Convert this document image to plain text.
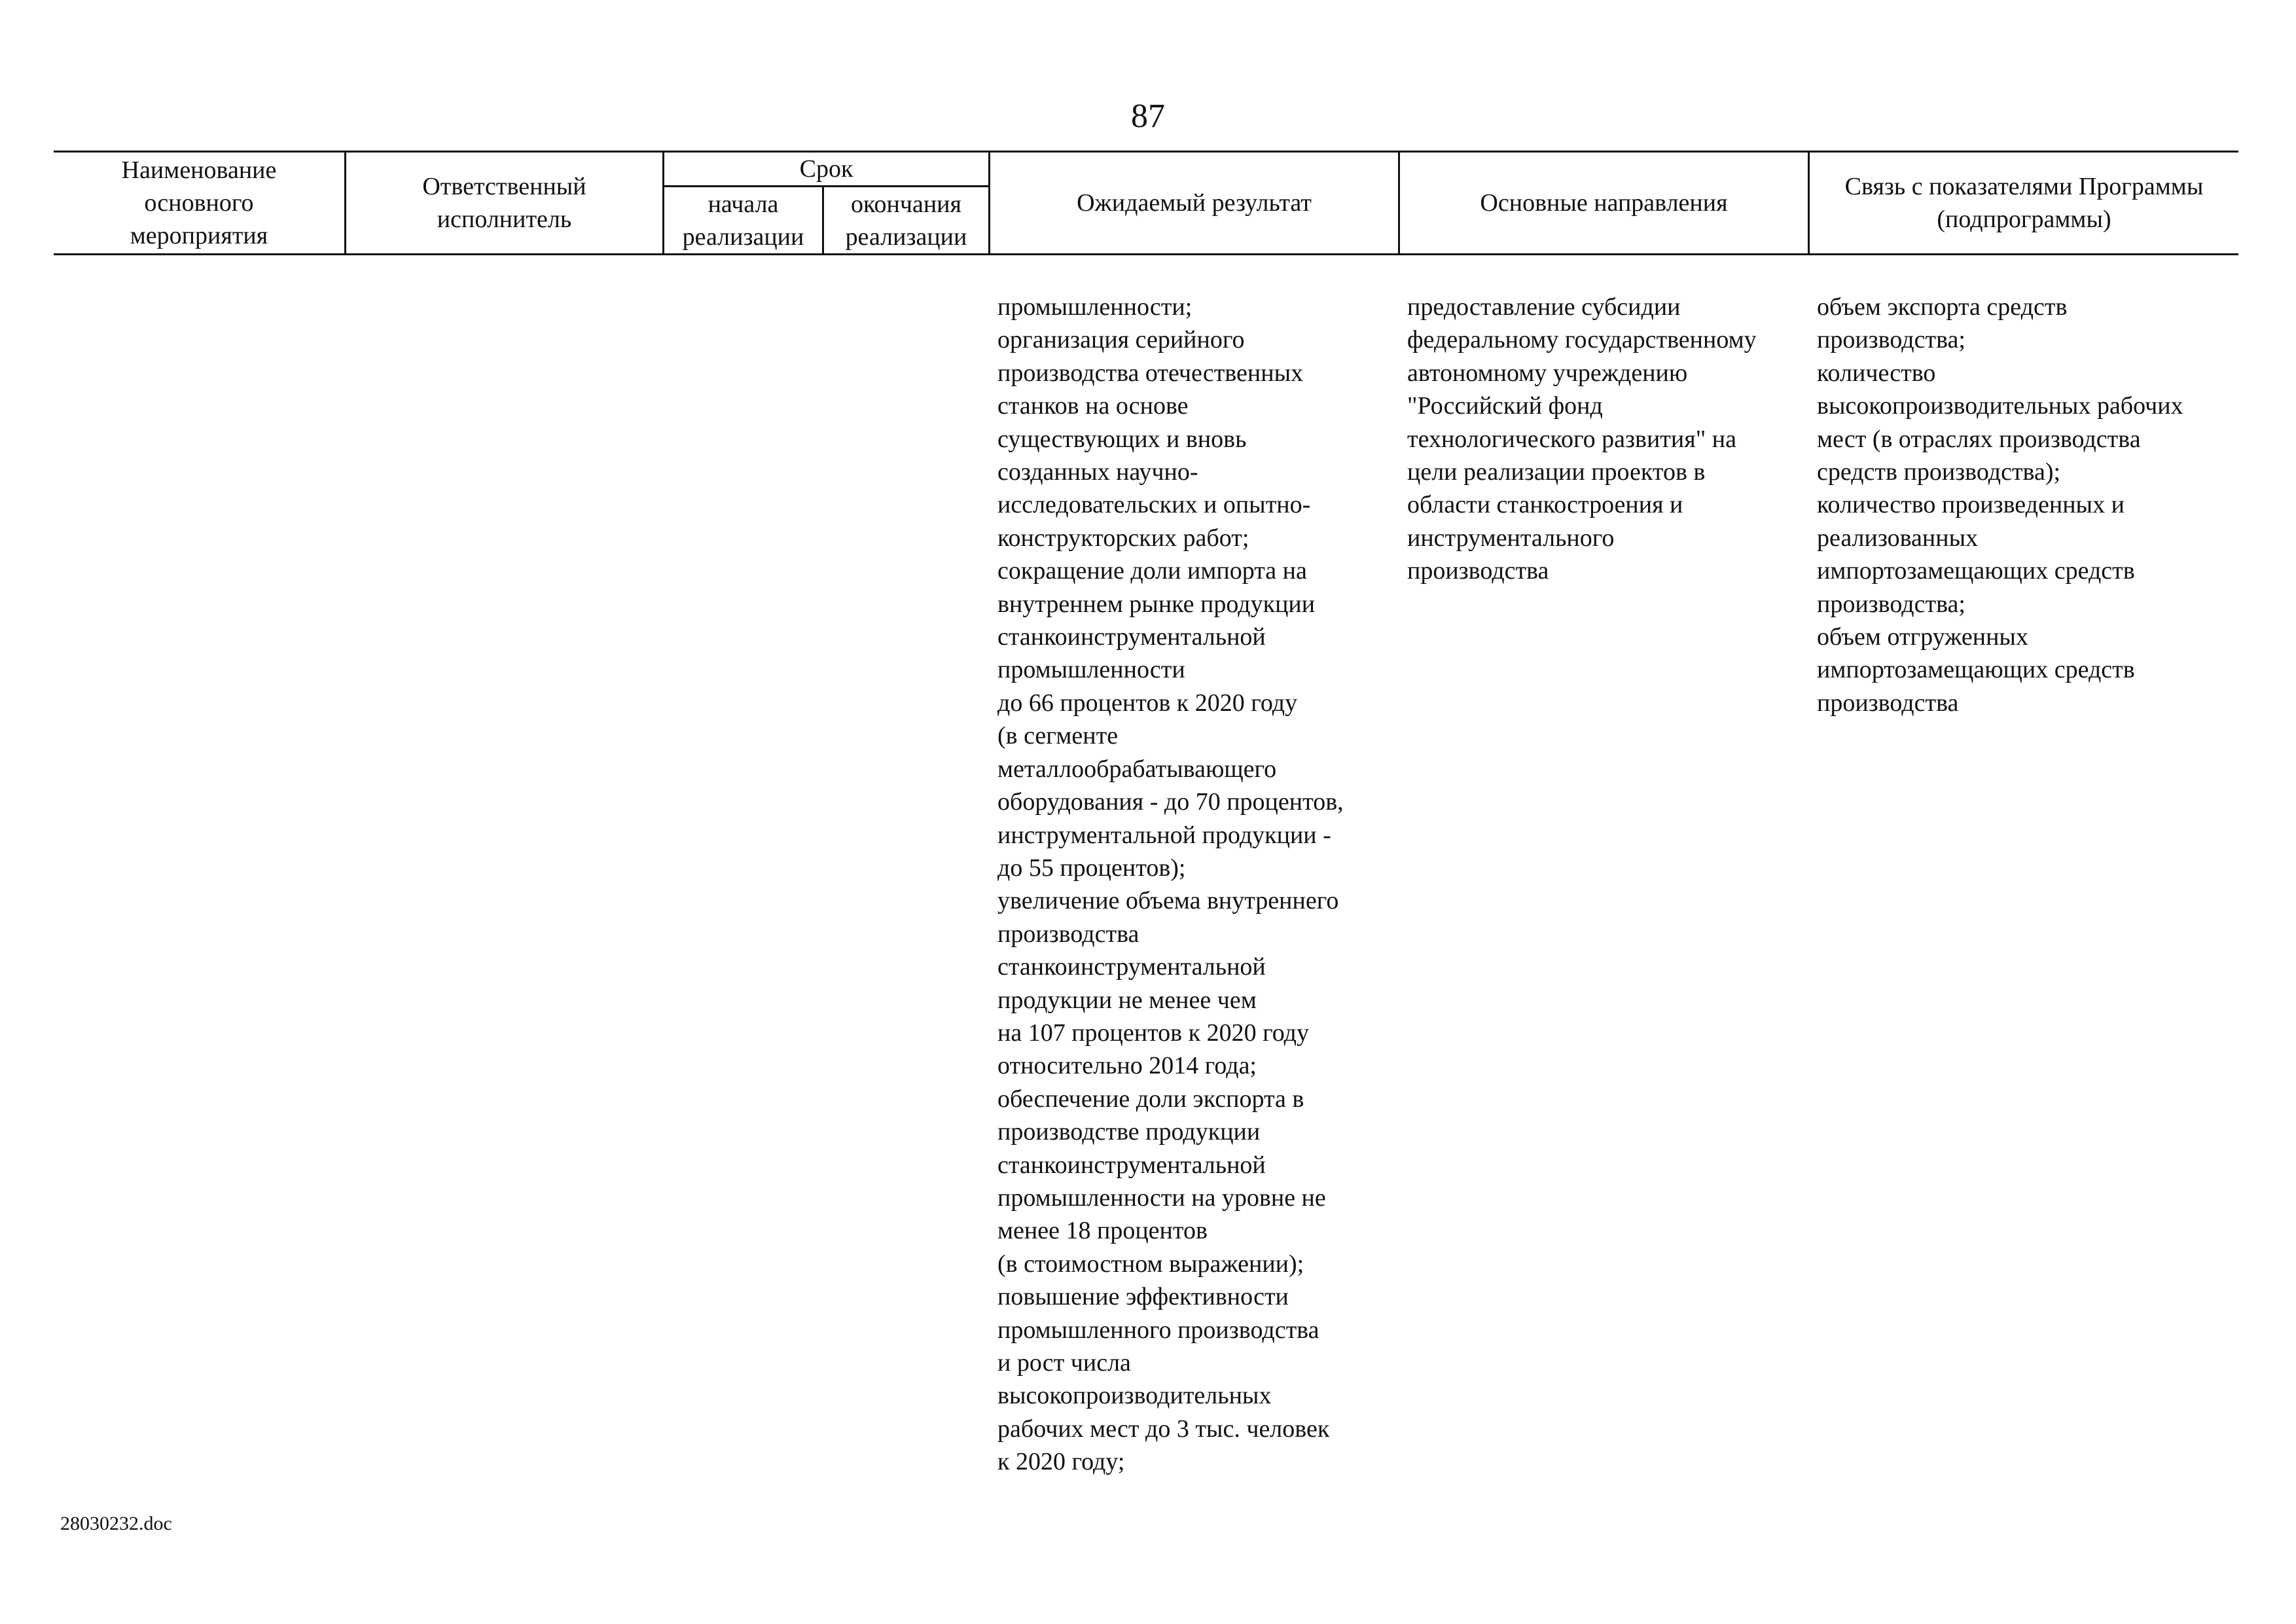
87
Наименование
основного
мероприятия
Ответственный
исполнитель
Срок
начала
реализации
окончания
реализации
Ожидаемый результат	Основные направления
Связь с показателями Программы
(подпрограммы)
промышленности;
организация серийного
производства отечественных
станков на основе
существующих и вновь
созданных научно-
исследовательских и опытно-
конструкторских работ;
сокращение доли импорта на
внутреннем рынке продукции
станкоинструментальной
промышленности
до 66 процентов к 2020 году
(в сегменте
металлообрабатывающего
оборудования - до 70 процентов,
инструментальной продукции -
до 55 процентов);
увеличение объема внутреннего
производства
станкоинструментальной
продукции не менее чем
на 107 процентов к 2020 году
относительно 2014 года;
обеспечение доли экспорта в
производстве продукции
станкоинструментальной
промышленности на уровне не
менее 18 процентов
(в стоимостном выражении);
повышение эффективности
промышленного производства
и рост числа
высокопроизводительных
рабочих мест до 3 тыс. человек
к 2020 году;
предоставление субсидии
федеральному государственному
автономному учреждению
"Российский фонд
технологического развития" на
цели реализации проектов в
области станкостроения и
инструментального
производства
объем экспорта средств
производства;
количество
высокопроизводительных рабочих
мест (в отраслях производства
средств производства);
количество произведенных и
реализованных
импортозамещающих средств
производства;
объем отгруженных
импортозамещающих средств
производства
28030232.doc
